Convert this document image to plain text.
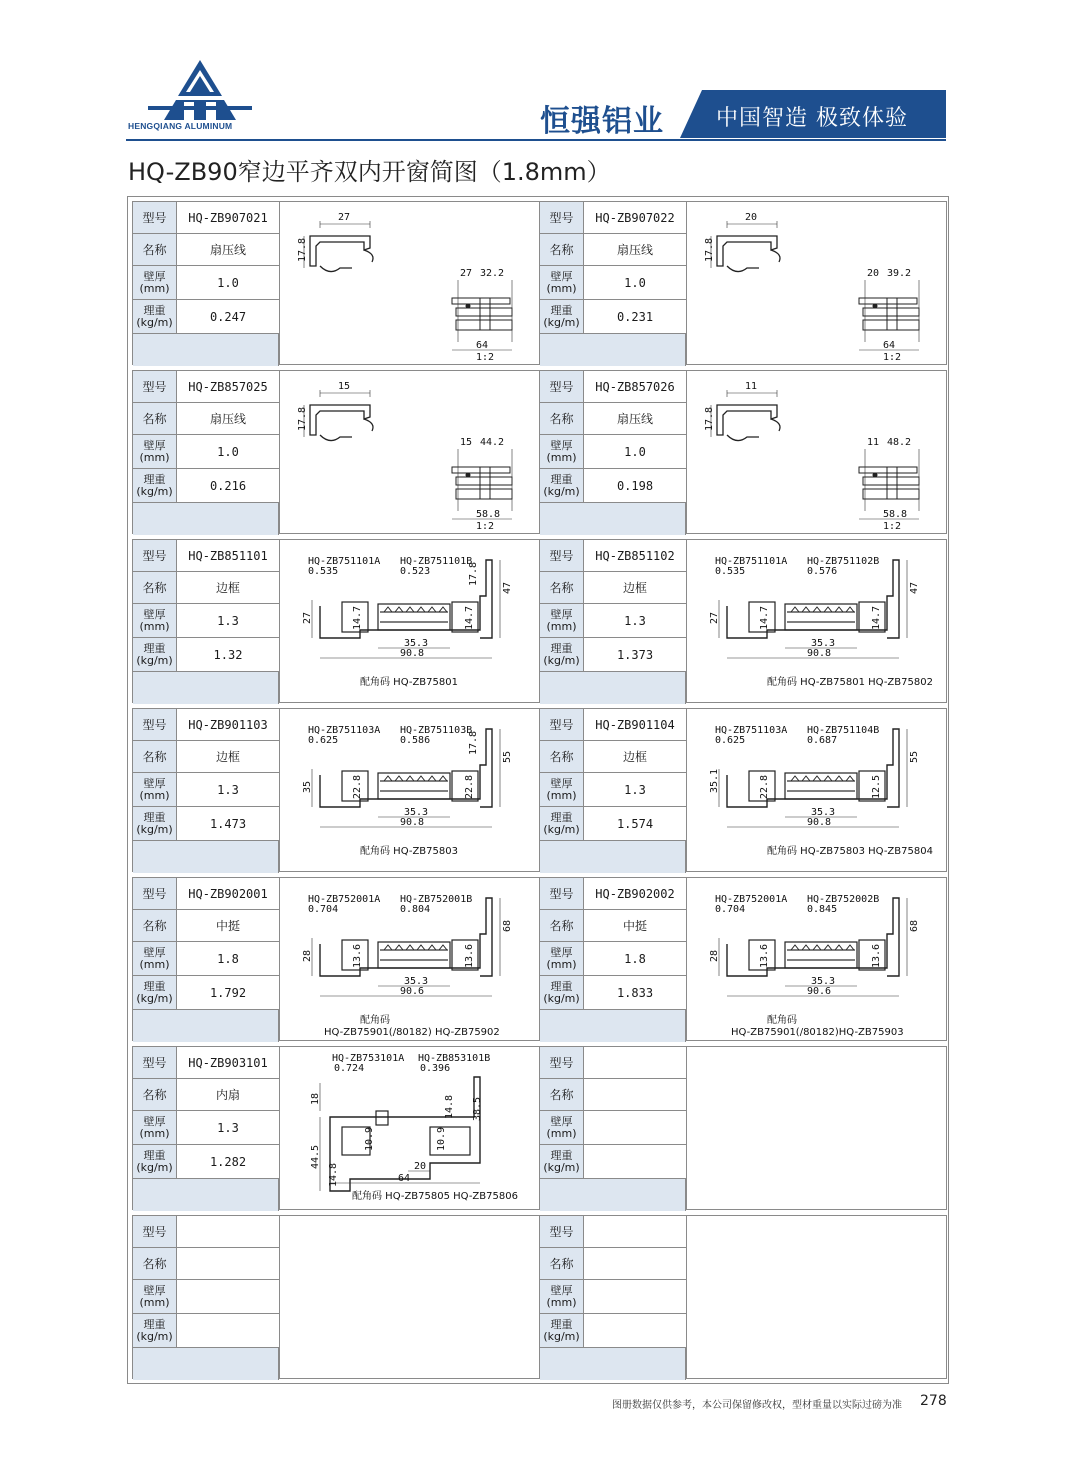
HENGQIANG ALUMINUM	恒强铝业 中国智造 极致体验
HQ-ZB90窄边平齐双内开窗简图（1.8mm）
型号	HQ-ZB907021
名称	扇压线
壁厚
(mm)	1.0
理重
(kg/m)	0.247
27
17.8
27 32.2
64
1:2
型号	HQ-ZB907022
名称	扇压线
壁厚
(mm)	1.0
理重
(kg/m)	0.231
20
17.8
20 39.2
64
1:2
型号	HQ-ZB857025
名称	扇压线
壁厚
(mm)	1.0
理重
(kg/m)	0.216
15
17.8
15 44.2
58.8
1:2
型号	HQ-ZB857026
名称	扇压线
壁厚
(mm)	1.0
理重
(kg/m)	0.198
11
17.8
11 48.2
58.8
1:2
型号	HQ-ZB851101
名称	边框
壁厚
(mm)	1.3
理重
(kg/m)	1.32
HQ-ZB751101A HQ-ZB751101B
0.535	0.523
27	14.7	14.7
17.8
47
35.3
90.8
配角码 HQ-ZB75801
型号	HQ-ZB851102
名称	边框
壁厚
(mm)	1.3
理重
(kg/m)	1.373
HQ-ZB751101A HQ-ZB751102B
0.535	0.576
27	14.7	14.7
47
35.3
90.8
配角码 HQ-ZB75801 HQ-ZB75802
型号	HQ-ZB901103
名称	边框
壁厚
(mm)	1.3
理重
(kg/m)	1.473
HQ-ZB751103A HQ-ZB751103B
0.625	0.586
35	22.8	22.8
17.8
55
35.3
90.8
配角码 HQ-ZB75803
型号	HQ-ZB901104
名称	边框
壁厚
(mm)	1.3
理重
(kg/m)	1.574
HQ-ZB751103A HQ-ZB751104B
0.625	0.687
35.1	22.8	12.5
55
35.3
90.8
配角码 HQ-ZB75803 HQ-ZB75804
型号	HQ-ZB902001
名称	中挺
壁厚
(mm)	1.8
理重
(kg/m)	1.792
HQ-ZB752001A HQ-ZB752001B
0.704	0.804
28	13.6	13.6
68
35.3
90.6
配角码
HQ-ZB75901(/80182) HQ-ZB75902
型号	HQ-ZB902002
名称	中挺
壁厚
(mm)	1.8
理重
(kg/m)	1.833
HQ-ZB752001A HQ-ZB752002B
0.704	0.845
28	13.6	13.6
68
35.3
90.6
配角码
HQ-ZB75901(/80182)HQ-ZB75903
型号	HQ-ZB903101
名称	内扇
壁厚
(mm)	1.3
理重
(kg/m)	1.282
HQ-ZB753101A HQ-ZB853101B
0.724	0.396
18
44.5
14.8
10.9	10.9
14.8 38.5
20
64
配角码 HQ-ZB75805 HQ-ZB75806
型号
名称
壁厚
(mm)
理重
(kg/m)
型号
名称
壁厚
(mm)
理重
(kg/m)
型号
名称
壁厚
(mm)
理重
(kg/m)
图册数据仅供参考，本公司保留修改权，型材重量以实际过磅为准 278
